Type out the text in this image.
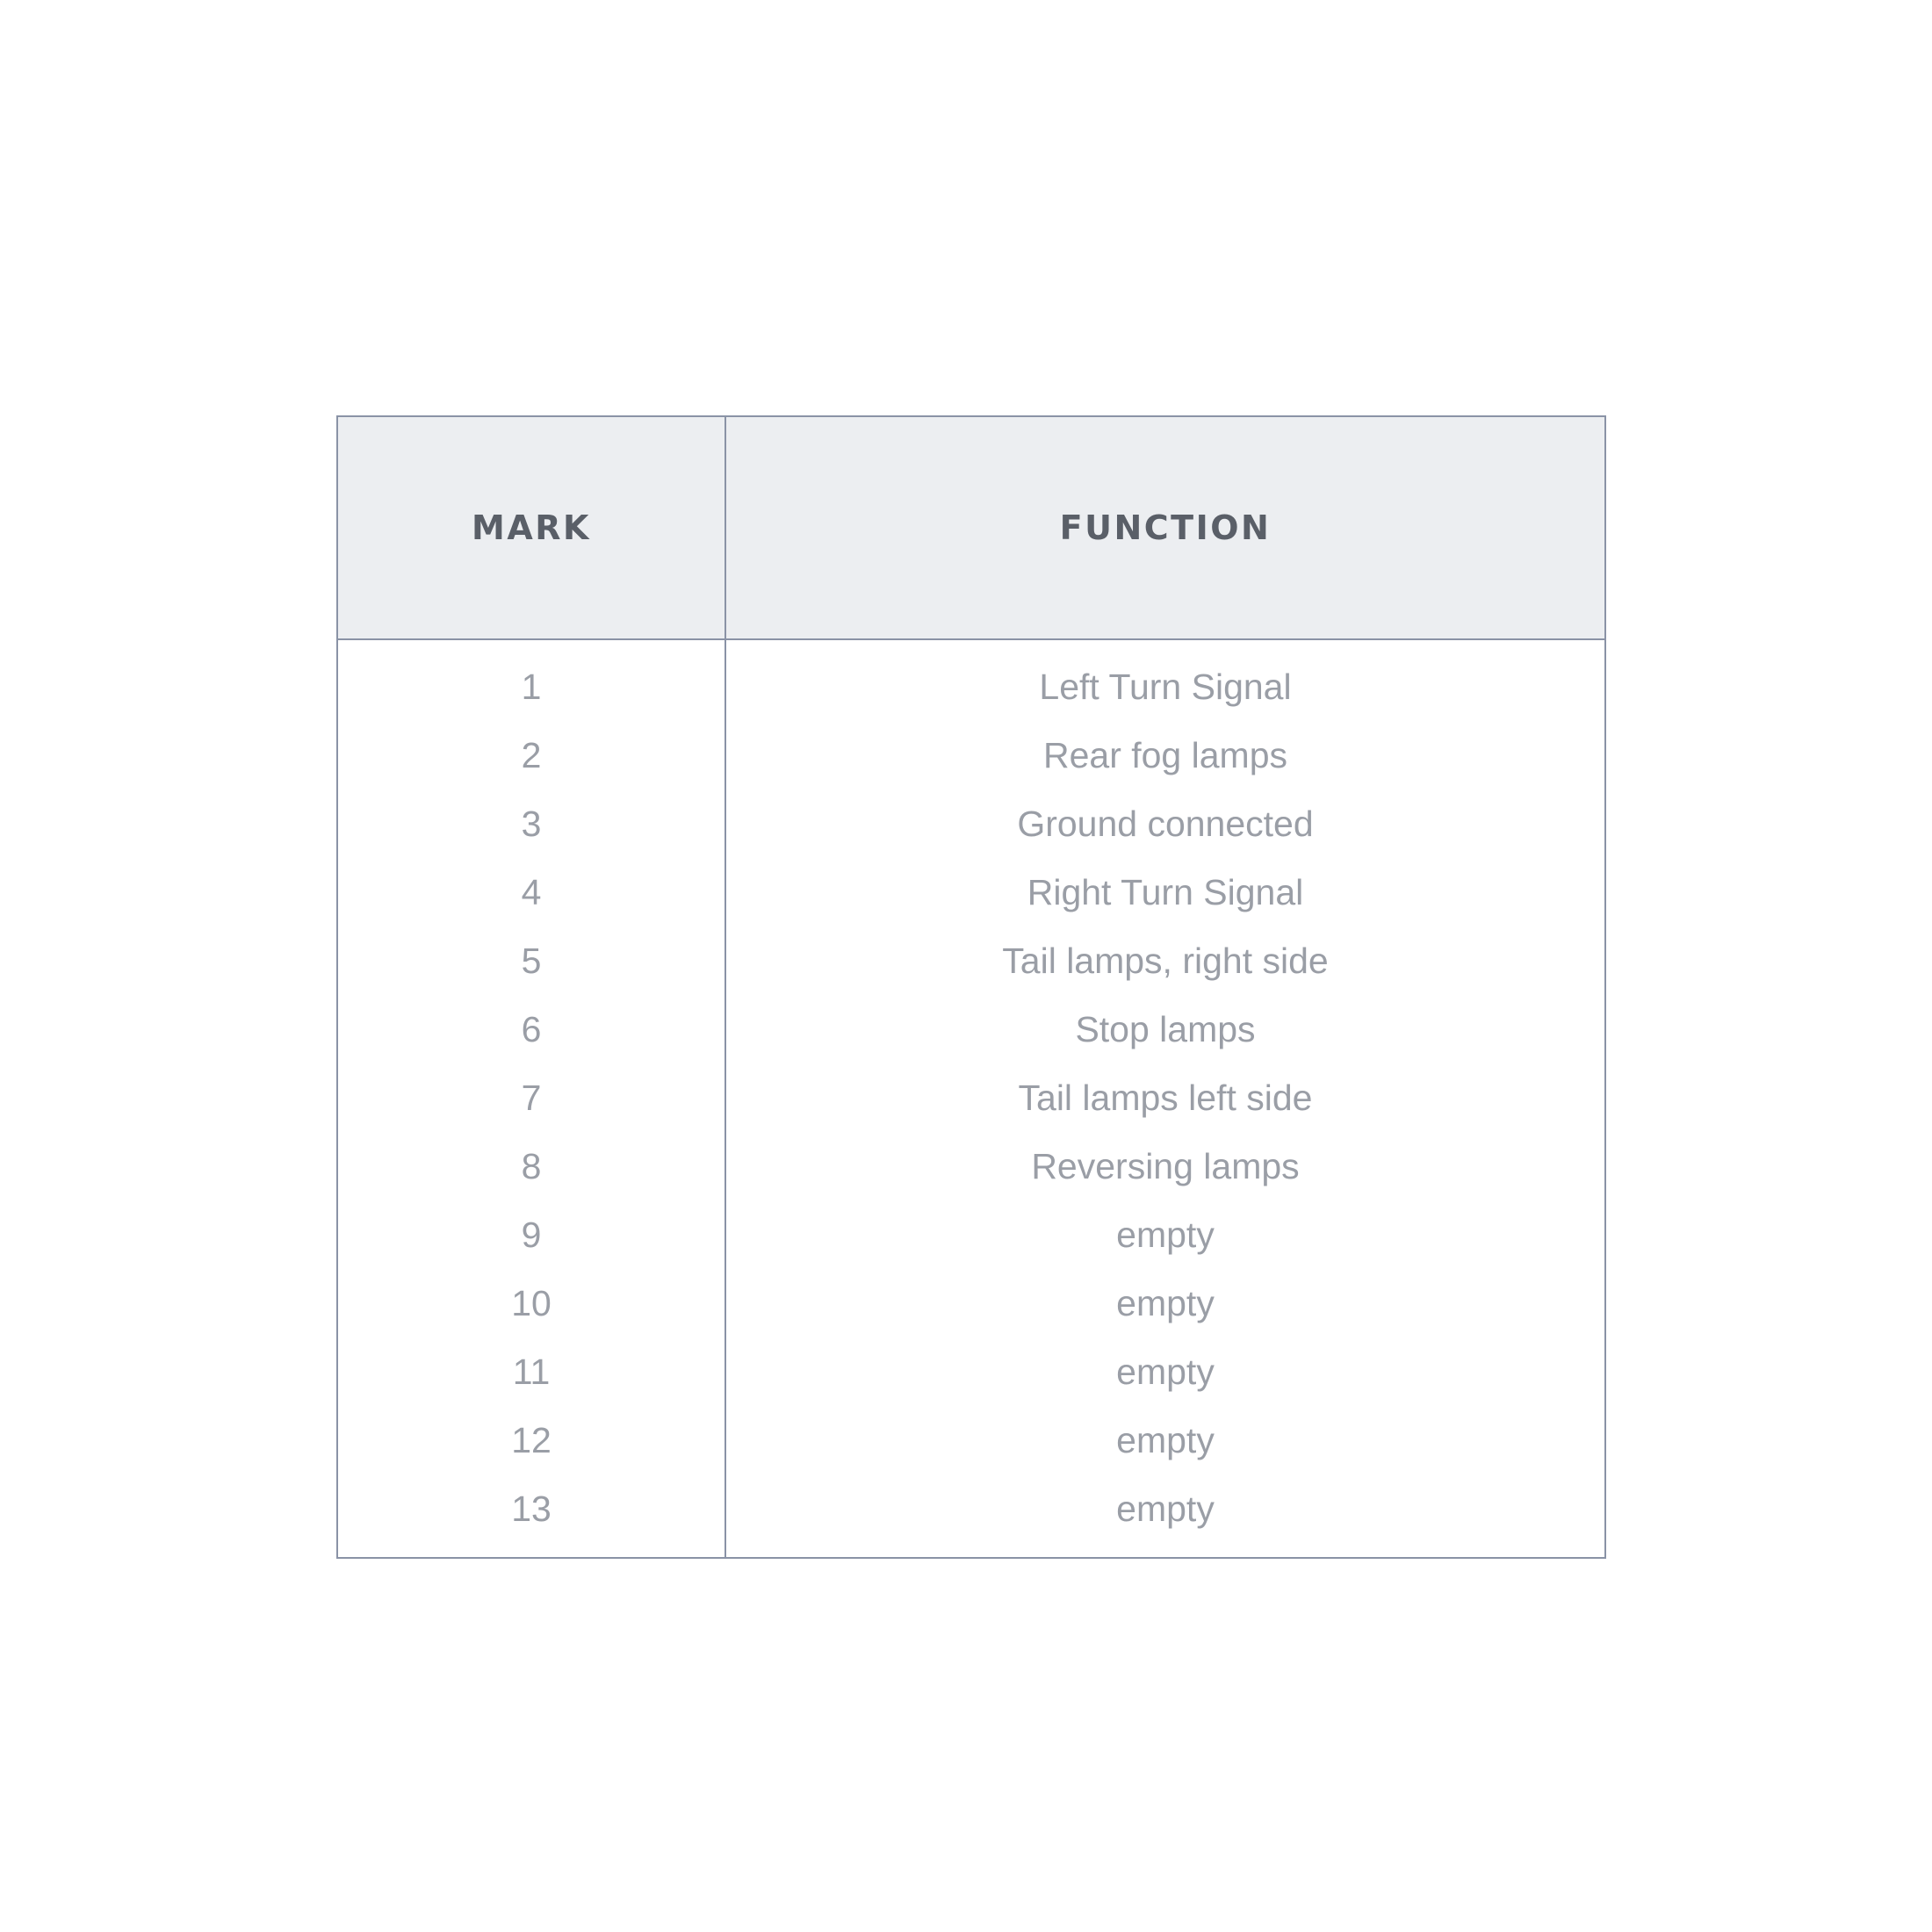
MARK	FUNCTION
1	Left Turn Signal
2	Rear fog lamps
3	Ground connected
4	Right Turn Signal
5	Tail lamps, right side
6	Stop lamps
7	Tail lamps left side
8	Reversing lamps
9	empty
10	empty
11	empty
12	empty
13	empty
